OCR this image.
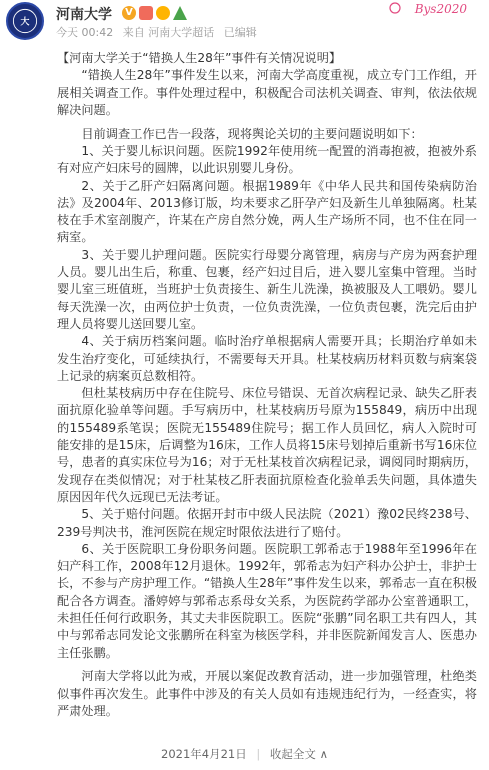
大 河南大学	V
今天 00:42 来自 河南大学超话 已编辑
Bys2020

【河南大学关于“错换人生28年”事件有关情况说明】

“错换人生28年”事件发生以来，河南大学高度重视，成立专门工作组，开展相关调查工作。事件处理过程中，积极配合司法机关调查、审判，依法依规解决问题。

目前调查工作已告一段落，现将舆论关切的主要问题说明如下：

1、关于婴儿标识问题。医院1992年使用统一配置的消毒抱被，抱被外系有对应产妇床号的圆牌，以此识别婴儿身份。

2、关于乙肝产妇隔离问题。根据1989年《中华人民共和国传染病防治法》及2004年、2013修订版，均未要求乙肝孕产妇及新生儿单独隔离。杜某枝在手术室剖腹产，许某在产房自然分娩，两人生产场所不同，也不住在同一病室。

3、关于婴儿护理问题。医院实行母婴分离管理，病房与产房为两套护理人员。婴儿出生后，称重、包裹，经产妇过目后，进入婴儿室集中管理。当时婴儿室三班值班，当班护士负责接生、新生儿洗澡，换被服及人工喂奶。婴儿每天洗澡一次，由两位护士负责，一位负责洗澡，一位负责包裹，洗完后由护理人员将婴儿送回婴儿室。

4、关于病历档案问题。临时治疗单根据病人需要开具；长期治疗单如未发生治疗变化，可延续执行，不需要每天开具。杜某枝病历材料页数与病案袋上记录的病案页总数相符。

但杜某枝病历中存在住院号、床位号错误、无首次病程记录、缺失乙肝表面抗原化验单等问题。手写病历中，杜某枝病历号原为155849，病历中出现的155489系笔误；医院无155489住院号；据工作人员回忆，病人入院时可能安排的是15床，后调整为16床，工作人员将15床号划掉后重新书写16床位号，患者的真实床位号为16；对于无杜某枝首次病程记录，调阅同时期病历，发现存在类似情况；对于杜某枝乙肝表面抗原检查化验单丢失问题，具体遗失原因因年代久远现已无法考证。

5、关于赔付问题。依据开封市中级人民法院（2021）豫02民终238号、239号判决书，淮河医院在规定时限依法进行了赔付。

6、关于医院职工身份职务问题。医院职工郭希志于1988年至1996年在妇产科工作，2008年12月退休。1992年，郭希志为妇产科办公护士，非护士长，不参与产房护理工作。“错换人生28年”事件发生以来，郭希志一直在积极配合各方调查。潘婷婷与郭希志系母女关系，为医院药学部办公室普通职工，未担任任何行政职务，其丈夫非医院职工。医院“张鹏”同名职工共有四人，其中与郭希志同发论文张鹏所在科室为核医学科，并非医院新闻发言人、医患办主任张鹏。

河南大学将以此为戒，开展以案促改教育活动，进一步加强管理，杜绝类似事件再次发生。此事件中涉及的有关人员如有违规违纪行为，一经查实，将严肃处理。

2021年4月21日 | 收起全文 ∧
